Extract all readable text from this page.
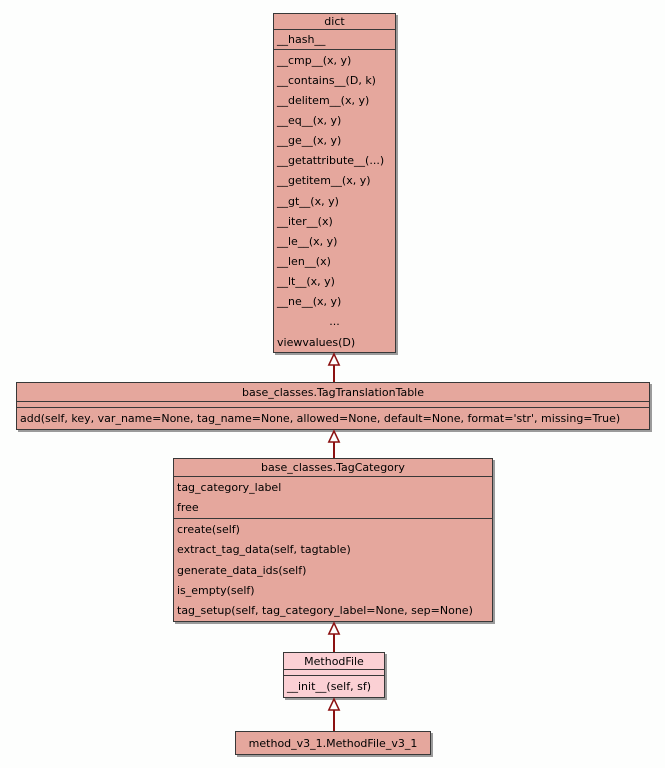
dict
__hash__
__cmp__(x, y)
__contains__(D, k)
__delitem__(x, y)
__eq__(x, y)
__ge__(x, y)
__getattribute__(...)
__getitem__(x, y)
__gt__(x, y)
__iter__(x)
__le__(x, y)
__len__(x)
__lt__(x, y)
__ne__(x, y)
...
viewvalues(D)
base_classes.TagTranslationTable
add(self, key, var_name=None, tag_name=None, allowed=None, default=None, format='str', missing=True)
base_classes.TagCategory
tag_category_label
free
create(self)
extract_tag_data(self, tagtable)
generate_data_ids(self)
is_empty(self)
tag_setup(self, tag_category_label=None, sep=None)
MethodFile
__init__(self, sf)
method_v3_1.MethodFile_v3_1
